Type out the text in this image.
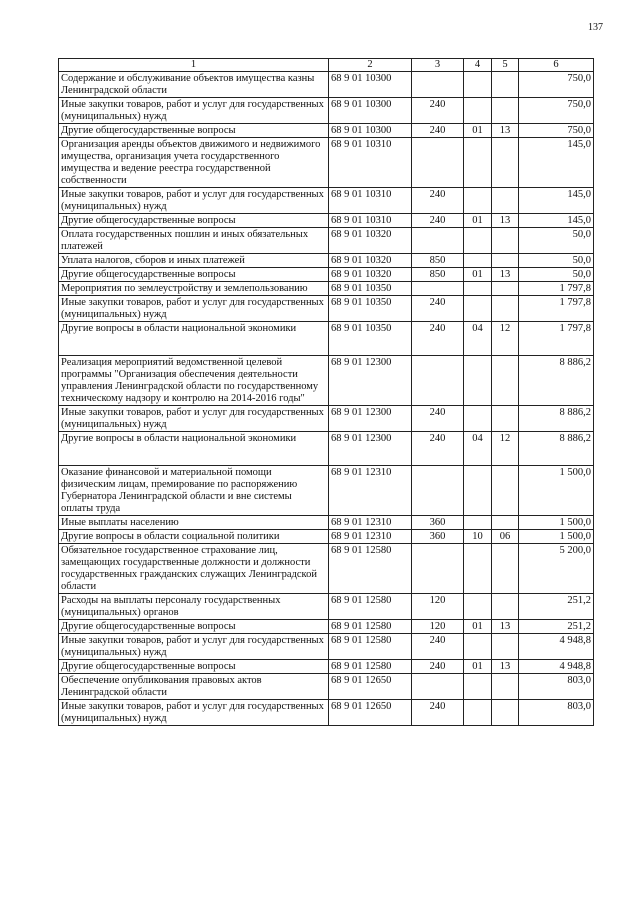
137
1	2	3	4	5	6
Содержание и обслуживание объектов имущества казны Ленинградской области	68 9 01 10300				750,0
Иные закупки товаров, работ и услуг для государственных (муниципальных) нужд	68 9 01 10300	240			750,0
Другие общегосударственные вопросы	68 9 01 10300	240	01	13	750,0
Организация аренды объектов движимого и недвижимого имущества, организация учета государственного имущества и ведение реестра государственной собственности	68 9 01 10310				145,0
Иные закупки товаров, работ и услуг для государственных (муниципальных) нужд	68 9 01 10310	240			145,0
Другие общегосударственные вопросы	68 9 01 10310	240	01	13	145,0
Оплата государственных пошлин и иных обязательных платежей	68 9 01 10320				50,0
Уплата налогов, сборов и иных платежей	68 9 01 10320	850			50,0
Другие общегосударственные вопросы	68 9 01 10320	850	01	13	50,0
Мероприятия по землеустройству и землепользованию	68 9 01 10350				1 797,8
Иные закупки товаров, работ и услуг для государственных (муниципальных) нужд	68 9 01 10350	240			1 797,8
Другие вопросы в области национальной экономики	68 9 01 10350	240	04	12	1 797,8
Реализация мероприятий ведомственной целевой программы "Организация обеспечения деятельности управления Ленинградской области по государственному техническому надзору и контролю на 2014-2016 годы"	68 9 01 12300				8 886,2
Иные закупки товаров, работ и услуг для государственных (муниципальных) нужд	68 9 01 12300	240			8 886,2
Другие вопросы в области национальной экономики	68 9 01 12300	240	04	12	8 886,2
Оказание финансовой и материальной помощи физическим лицам, премирование по распоряжению Губернатора Ленинградской области и вне системы оплаты труда	68 9 01 12310				1 500,0
Иные выплаты населению	68 9 01 12310	360			1 500,0
Другие вопросы в области социальной политики	68 9 01 12310	360	10	06	1 500,0
Обязательное государственное страхование лиц, замещающих государственные должности и должности государственных гражданских служащих Ленинградской области	68 9 01 12580				5 200,0
Расходы на выплаты персоналу государственных (муниципальных) органов	68 9 01 12580	120			251,2
Другие общегосударственные вопросы	68 9 01 12580	120	01	13	251,2
Иные закупки товаров, работ и услуг для государственных (муниципальных) нужд	68 9 01 12580	240			4 948,8
Другие общегосударственные вопросы	68 9 01 12580	240	01	13	4 948,8
Обеспечение опубликования правовых актов Ленинградской области	68 9 01 12650				803,0
Иные закупки товаров, работ и услуг для государственных (муниципальных) нужд	68 9 01 12650	240			803,0
